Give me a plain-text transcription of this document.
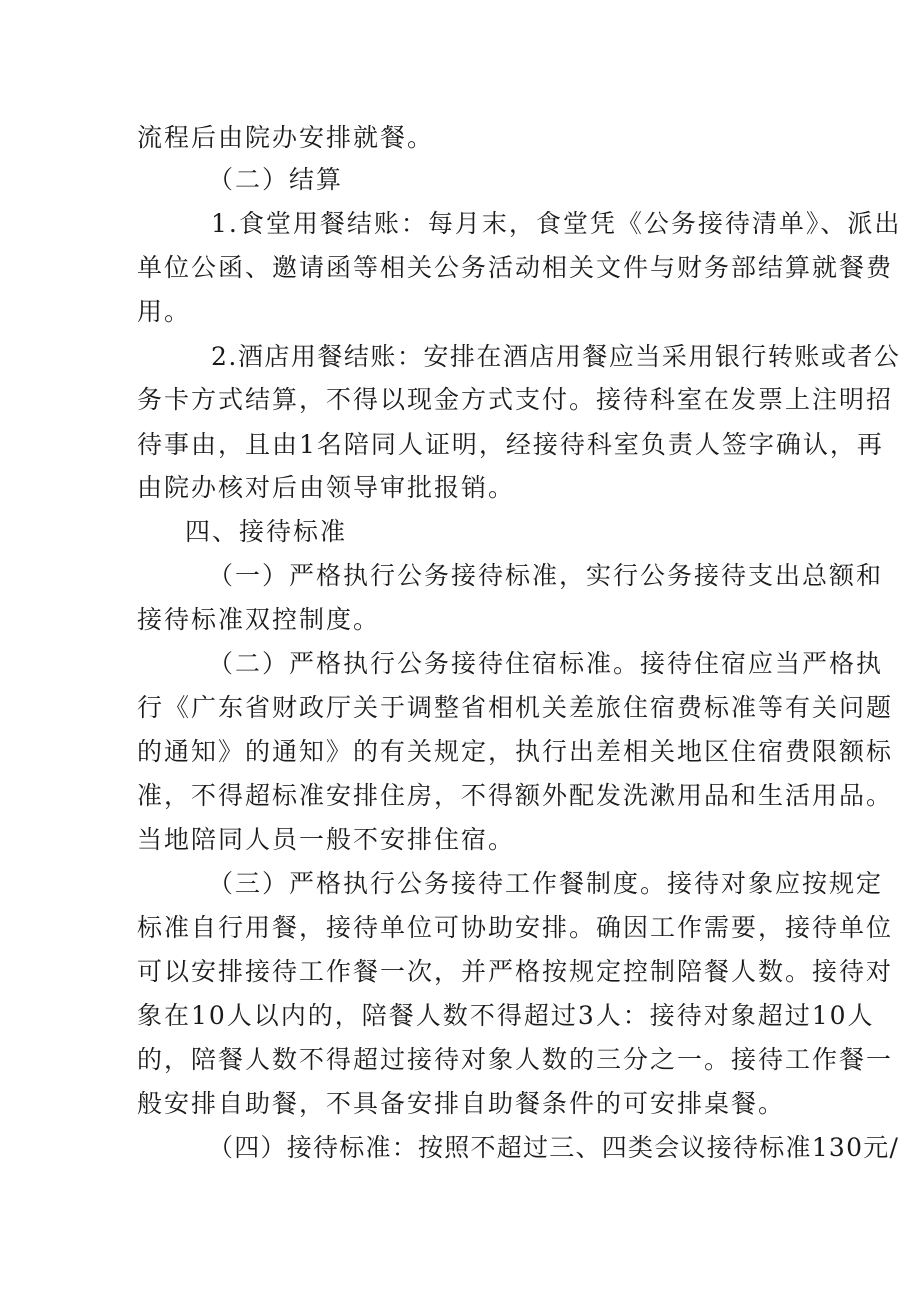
流程后由院办安排就餐。
（二）结算
1.食堂用餐结账：每月末，食堂凭《公务接待清单》、派出
单位公函、邀请函等相关公务活动相关文件与财务部结算就餐费
用。
2.酒店用餐结账：安排在酒店用餐应当采用银行转账或者公
务卡方式结算，不得以现金方式支付。接待科室在发票上注明招
待事由，且由1名陪同人证明，经接待科室负责人签字确认，再
由院办核对后由领导审批报销。
四、接待标准
（一）严格执行公务接待标准，实行公务接待支出总额和
接待标准双控制度。
（二）严格执行公务接待住宿标准。接待住宿应当严格执
行《广东省财政厅关于调整省相机关差旅住宿费标准等有关问题
的通知》的通知》的有关规定，执行出差相关地区住宿费限额标
准，不得超标准安排住房，不得额外配发洗漱用品和生活用品。
当地陪同人员一般不安排住宿。
（三）严格执行公务接待工作餐制度。接待对象应按规定
标准自行用餐，接待单位可协助安排。确因工作需要，接待单位
可以安排接待工作餐一次，并严格按规定控制陪餐人数。接待对
象在10人以内的，陪餐人数不得超过3人：接待对象超过10人
的，陪餐人数不得超过接待对象人数的三分之一。接待工作餐一
般安排自助餐，不具备安排自助餐条件的可安排桌餐。
（四）接待标准：按照不超过三、四类会议接待标准130元/
